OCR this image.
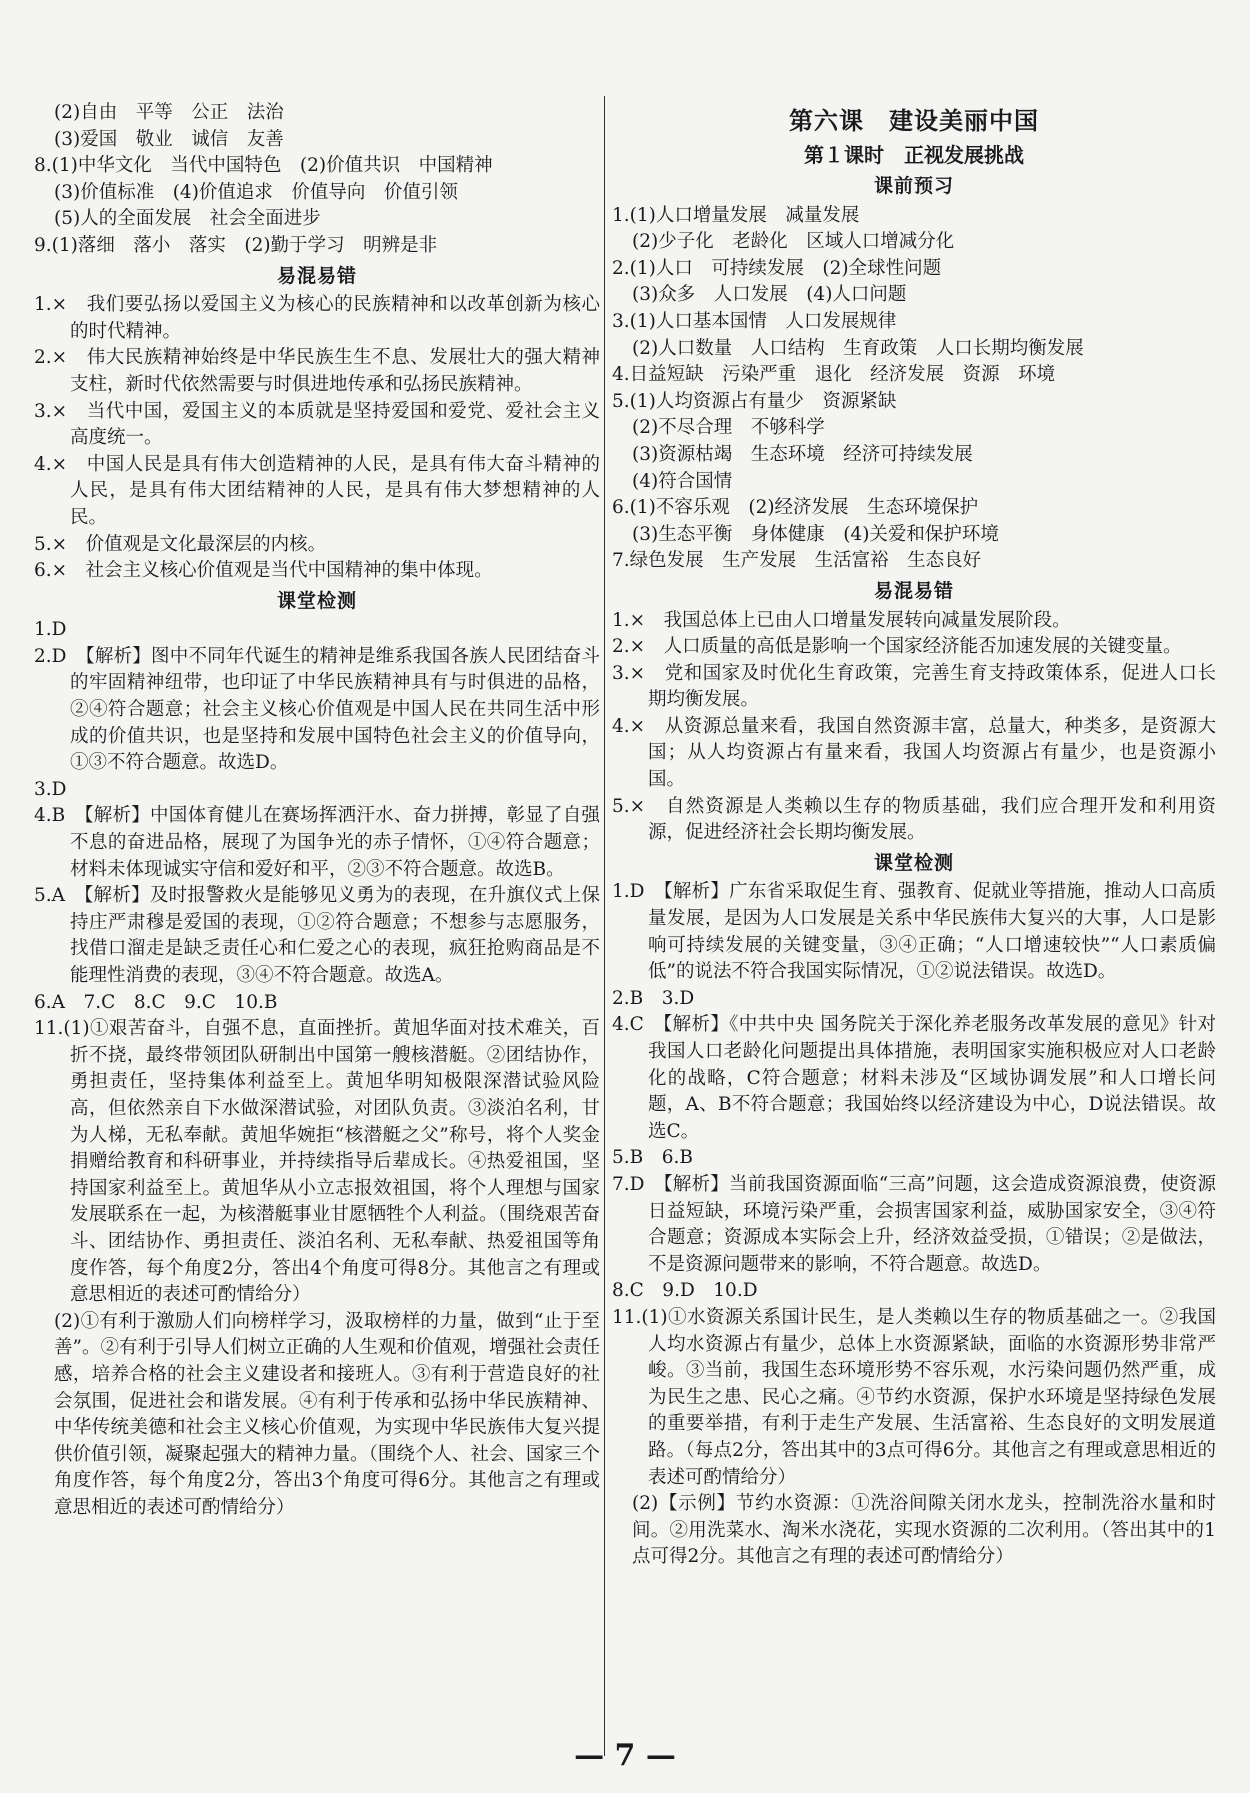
(2)自由　平等　公正　法治

(3)爱国　敬业　诚信　友善

8.(1)中华文化　当代中国特色　(2)价值共识　中国精神

(3)价值标准　(4)价值追求　价值导向　价值引领

(5)人的全面发展　社会全面进步

9.(1)落细　落小　落实　(2)勤于学习　明辨是非

易混易错

1.×　我们要弘扬以爱国主义为核心的民族精神和以改革创新为核心的时代精神。

2.×　伟大民族精神始终是中华民族生生不息、发展壮大的强大精神支柱，新时代依然需要与时俱进地传承和弘扬民族精神。

3.×　当代中国，爱国主义的本质就是坚持爱国和爱党、爱社会主义高度统一。

4.×　中国人民是具有伟大创造精神的人民，是具有伟大奋斗精神的人民，是具有伟大团结精神的人民，是具有伟大梦想精神的人民。

5.×　价值观是文化最深层的内核。

6.×　社会主义核心价值观是当代中国精神的集中体现。

课堂检测

1.D

2.D　【解析】图中不同年代诞生的精神是维系我国各族人民团结奋斗的牢固精神纽带，也印证了中华民族精神具有与时俱进的品格，②④符合题意；社会主义核心价值观是中国人民在共同生活中形成的价值共识，也是坚持和发展中国特色社会主义的价值导向，①③不符合题意。故选D。

3.D

4.B　【解析】中国体育健儿在赛场挥洒汗水、奋力拼搏，彰显了自强不息的奋进品格，展现了为国争光的赤子情怀，①④符合题意；材料未体现诚实守信和爱好和平，②③不符合题意。故选B。

5.A　【解析】及时报警救火是能够见义勇为的表现，在升旗仪式上保持庄严肃穆是爱国的表现，①②符合题意；不想参与志愿服务，找借口溜走是缺乏责任心和仁爱之心的表现，疯狂抢购商品是不能理性消费的表现，③④不符合题意。故选A。

6.A　7.C　8.C　9.C　10.B

11.(1)①艰苦奋斗，自强不息，直面挫折。黄旭华面对技术难关，百折不挠，最终带领团队研制出中国第一艘核潜艇。②团结协作，勇担责任，坚持集体利益至上。黄旭华明知极限深潜试验风险高，但依然亲自下水做深潜试验，对团队负责。③淡泊名利，甘为人梯，无私奉献。黄旭华婉拒“核潜艇之父”称号，将个人奖金捐赠给教育和科研事业，并持续指导后辈成长。④热爱祖国，坚持国家利益至上。黄旭华从小立志报效祖国，将个人理想与国家发展联系在一起，为核潜艇事业甘愿牺牲个人利益。（围绕艰苦奋斗、团结协作、勇担责任、淡泊名利、无私奉献、热爱祖国等角度作答，每个角度2分，答出4个角度可得8分。其他言之有理或意思相近的表述可酌情给分）

(2)①有利于激励人们向榜样学习，汲取榜样的力量，做到“止于至善”。②有利于引导人们树立正确的人生观和价值观，增强社会责任感，培养合格的社会主义建设者和接班人。③有利于营造良好的社会氛围，促进社会和谐发展。④有利于传承和弘扬中华民族精神、中华传统美德和社会主义核心价值观，为实现中华民族伟大复兴提供价值引领，凝聚起强大的精神力量。（围绕个人、社会、国家三个角度作答，每个角度2分，答出3个角度可得6分。其他言之有理或意思相近的表述可酌情给分）

第六课　建设美丽中国
第１课时　正视发展挑战
课前预习

1.(1)人口增量发展　减量发展

(2)少子化　老龄化　区域人口增减分化

2.(1)人口　可持续发展　(2)全球性问题

(3)众多　人口发展　(4)人口问题

3.(1)人口基本国情　人口发展规律

(2)人口数量　人口结构　生育政策　人口长期均衡发展

4.日益短缺　污染严重　退化　经济发展　资源　环境

5.(1)人均资源占有量少　资源紧缺

(2)不尽合理　不够科学

(3)资源枯竭　生态环境　经济可持续发展

(4)符合国情

6.(1)不容乐观　(2)经济发展　生态环境保护

(3)生态平衡　身体健康　(4)关爱和保护环境

7.绿色发展　生产发展　生活富裕　生态良好

易混易错

1.×　我国总体上已由人口增量发展转向减量发展阶段。

2.×　人口质量的高低是影响一个国家经济能否加速发展的关键变量。

3.×　党和国家及时优化生育政策，完善生育支持政策体系，促进人口长期均衡发展。

4.×　从资源总量来看，我国自然资源丰富，总量大，种类多，是资源大国；从人均资源占有量来看，我国人均资源占有量少，也是资源小国。

5.×　自然资源是人类赖以生存的物质基础，我们应合理开发和利用资源，促进经济社会长期均衡发展。

课堂检测

1.D　【解析】广东省采取促生育、强教育、促就业等措施，推动人口高质量发展，是因为人口发展是关系中华民族伟大复兴的大事，人口是影响可持续发展的关键变量，③④正确；“人口增速较快”“人口素质偏低”的说法不符合我国实际情况，①②说法错误。故选D。

2.B　3.D

4.C　【解析】《中共中央 国务院关于深化养老服务改革发展的意见》针对我国人口老龄化问题提出具体措施，表明国家实施积极应对人口老龄化的战略，C符合题意；材料未涉及“区域协调发展”和人口增长问题，A、B不符合题意；我国始终以经济建设为中心，D说法错误。故选C。

5.B　6.B

7.D　【解析】当前我国资源面临“三高”问题，这会造成资源浪费，使资源日益短缺，环境污染严重，会损害国家利益，威胁国家安全，③④符合题意；资源成本实际会上升，经济效益受损，①错误；②是做法，不是资源问题带来的影响，不符合题意。故选D。

8.C　9.D　10.D

11.(1)①水资源关系国计民生，是人类赖以生存的物质基础之一。②我国人均水资源占有量少，总体上水资源紧缺，面临的水资源形势非常严峻。③当前，我国生态环境形势不容乐观，水污染问题仍然严重，成为民生之患、民心之痛。④节约水资源，保护水环境是坚持绿色发展的重要举措，有利于走生产发展、生活富裕、生态良好的文明发展道路。（每点2分，答出其中的3点可得6分。其他言之有理或意思相近的表述可酌情给分）

(2)【示例】节约水资源：①洗浴间隙关闭水龙头，控制洗浴水量和时间。②用洗菜水、淘米水浇花，实现水资源的二次利用。（答出其中的1点可得2分。其他言之有理的表述可酌情给分）

— 7 —
